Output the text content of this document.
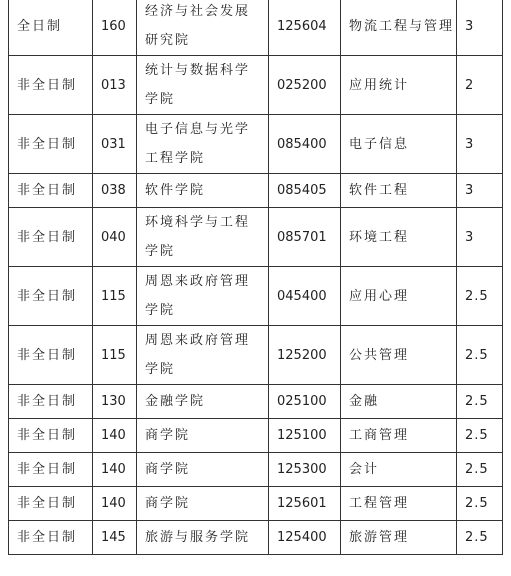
全日制	160	经济与社会发展研究院	125604	物流工程与管理	3
非全日制	013	统计与数据科学学院	025200	应用统计	2
非全日制	031	电子信息与光学工程学院	085400	电子信息	3
非全日制	038	软件学院	085405	软件工程	3
非全日制	040	环境科学与工程学院	085701	环境工程	3
非全日制	115	周恩来政府管理学院	045400	应用心理	2.5
非全日制	115	周恩来政府管理学院	125200	公共管理	2.5
非全日制	130	金融学院	025100	金融	2.5
非全日制	140	商学院	125100	工商管理	2.5
非全日制	140	商学院	125300	会计	2.5
非全日制	140	商学院	125601	工程管理	2.5
非全日制	145	旅游与服务学院	125400	旅游管理	2.5
